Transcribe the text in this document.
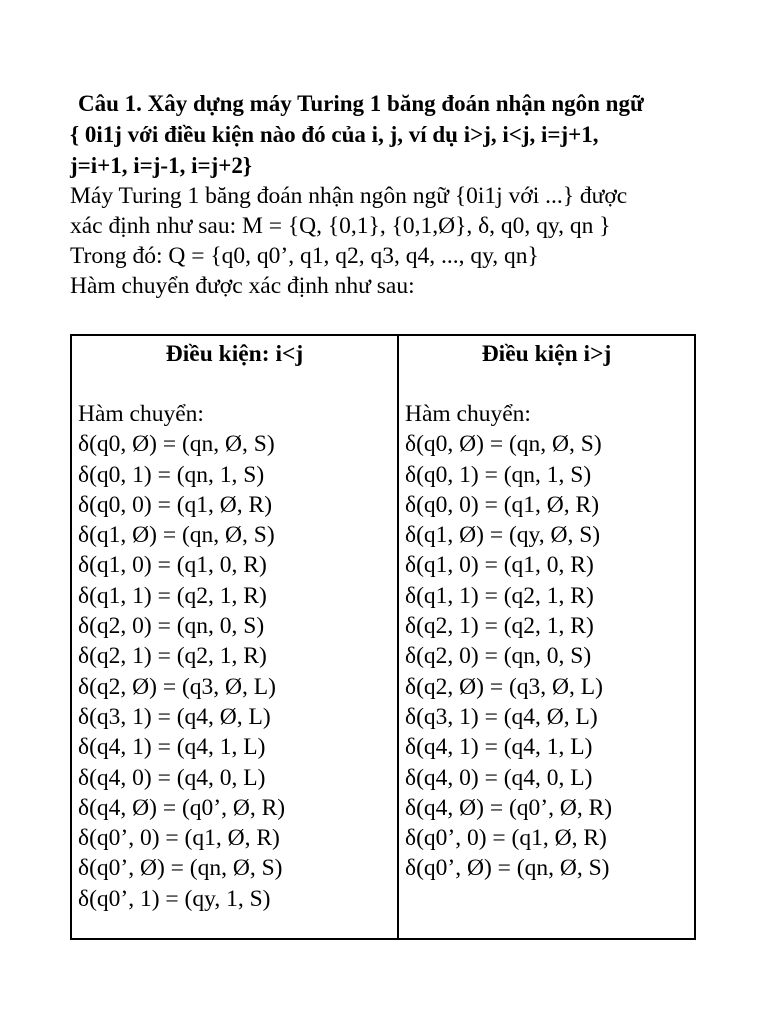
Câu 1. Xây dựng máy Turing 1 băng đoán nhận ngôn ngữ
{ 0i1j với điều kiện nào đó của i, j, ví dụ i>j, i<j, i=j+1,
j=i+1, i=j-1, i=j+2}

Máy Turing 1 băng đoán nhận ngôn ngữ {0i1j với ...} được

xác định như sau: M = {Q, {0,1}, {0,1,Ø}, δ, q0, qy, qn }

Trong đó: Q = {q0, q0’, q1, q2, q3, q4, ..., qy, qn}

Hàm chuyển được xác định như sau:

Điều kiện: i<j
Hàm chuyển:
δ(q0, Ø) = (qn, Ø, S)
δ(q0, 1) = (qn, 1, S)
δ(q0, 0) = (q1, Ø, R)
δ(q1, Ø) = (qn, Ø, S)
δ(q1, 0) = (q1, 0, R)
δ(q1, 1) = (q2, 1, R)
δ(q2, 0) = (qn, 0, S)
δ(q2, 1) = (q2, 1, R)
δ(q2, Ø) = (q3, Ø, L)
δ(q3, 1) = (q4, Ø, L)
δ(q4, 1) = (q4, 1, L)
δ(q4, 0) = (q4, 0, L)
δ(q4, Ø) = (q0’, Ø, R)
δ(q0’, 0) = (q1, Ø, R)
δ(q0’, Ø) = (qn, Ø, S)
δ(q0’, 1) = (qy, 1, S)

Điều kiện i>j
Hàm chuyển:
δ(q0, Ø) = (qn, Ø, S)
δ(q0, 1) = (qn, 1, S)
δ(q0, 0) = (q1, Ø, R)
δ(q1, Ø) = (qy, Ø, S)
δ(q1, 0) = (q1, 0, R)
δ(q1, 1) = (q2, 1, R)
δ(q2, 1) = (q2, 1, R)
δ(q2, 0) = (qn, 0, S)
δ(q2, Ø) = (q3, Ø, L)
δ(q3, 1) = (q4, Ø, L)
δ(q4, 1) = (q4, 1, L)
δ(q4, 0) = (q4, 0, L)
δ(q4, Ø) = (q0’, Ø, R)
δ(q0’, 0) = (q1, Ø, R)
δ(q0’, Ø) = (qn, Ø, S)
